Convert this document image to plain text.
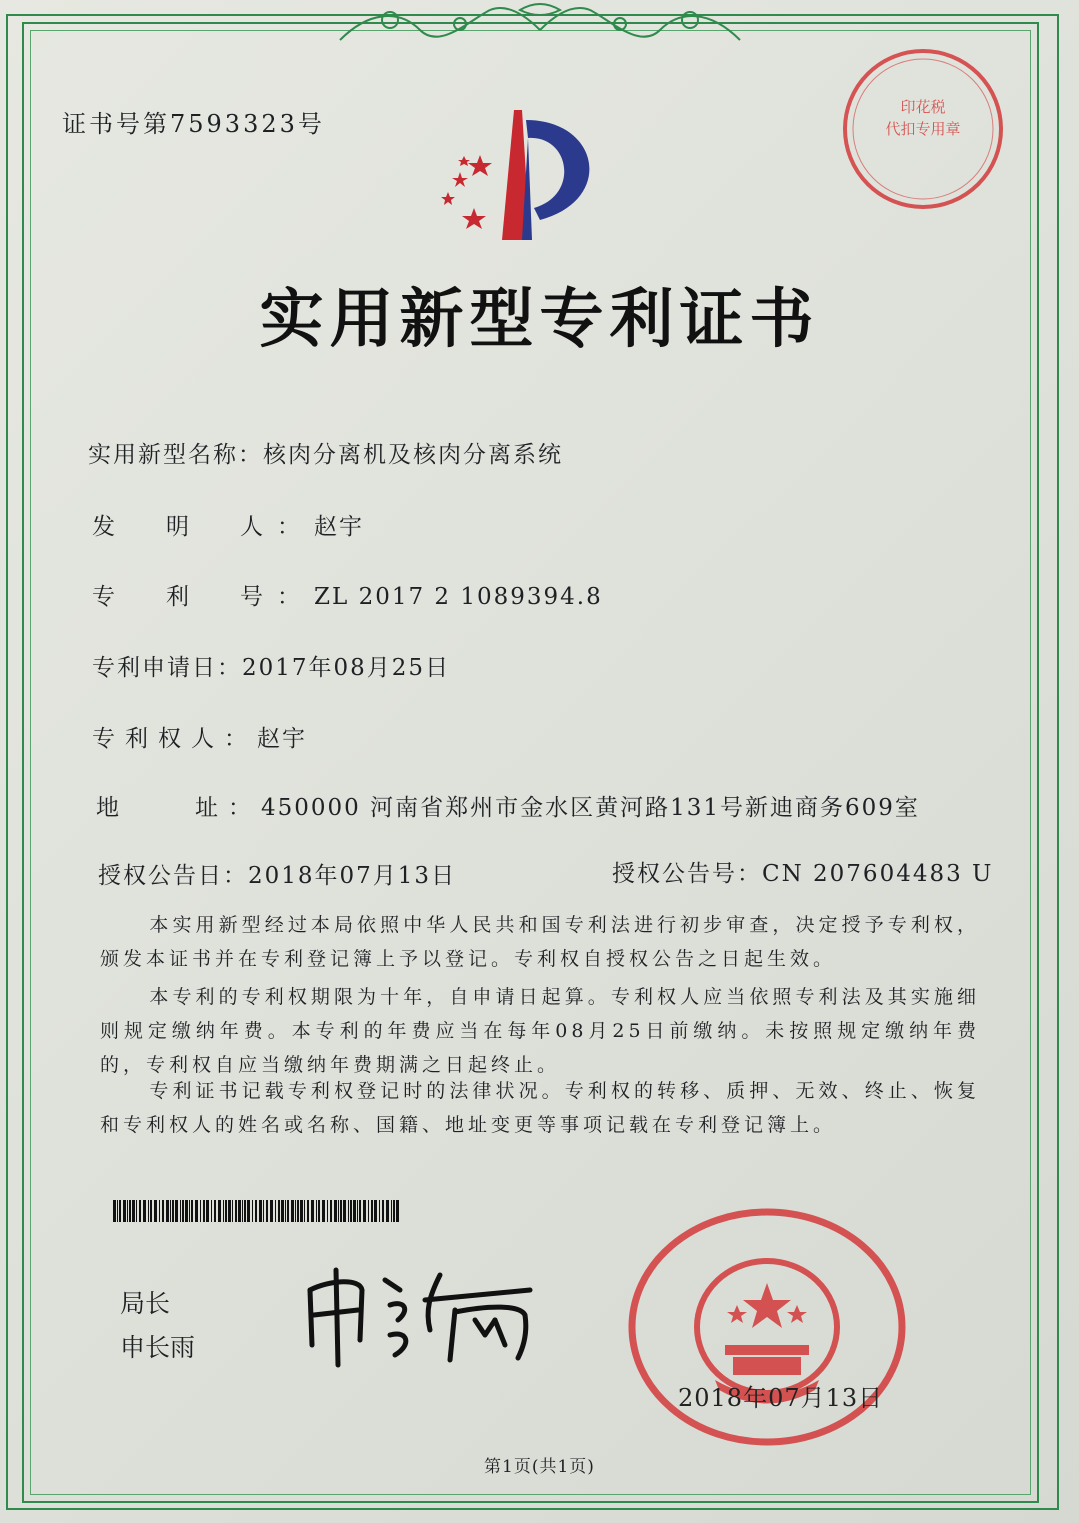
证书号第7593323号
印花税
代扣专用章
实用新型专利证书
实用新型名称：核肉分离机及核肉分离系统
发　明　人：赵宇
专　利　号：ZL 2017 2 1089394.8
专利申请日：2017年08月25日
专利权人：赵宇
地　　址：450000 河南省郑州市金水区黄河路131号新迪商务609室
授权公告日：2018年07月13日	授权公告号：CN 207604483 U
本实用新型经过本局依照中华人民共和国专利法进行初步审查，决定授予专利权，颁发本证书并在专利登记簿上予以登记。专利权自授权公告之日起生效。
本专利的专利权期限为十年，自申请日起算。专利权人应当依照专利法及其实施细则规定缴纳年费。本专利的年费应当在每年08月25日前缴纳。未按照规定缴纳年费的，专利权自应当缴纳年费期满之日起终止。
专利证书记载专利权登记时的法律状况。专利权的转移、质押、无效、终止、恢复和专利权人的姓名或名称、国籍、地址变更等事项记载在专利登记簿上。
局长
申长雨
2018年07月13日
第1页(共1页)
